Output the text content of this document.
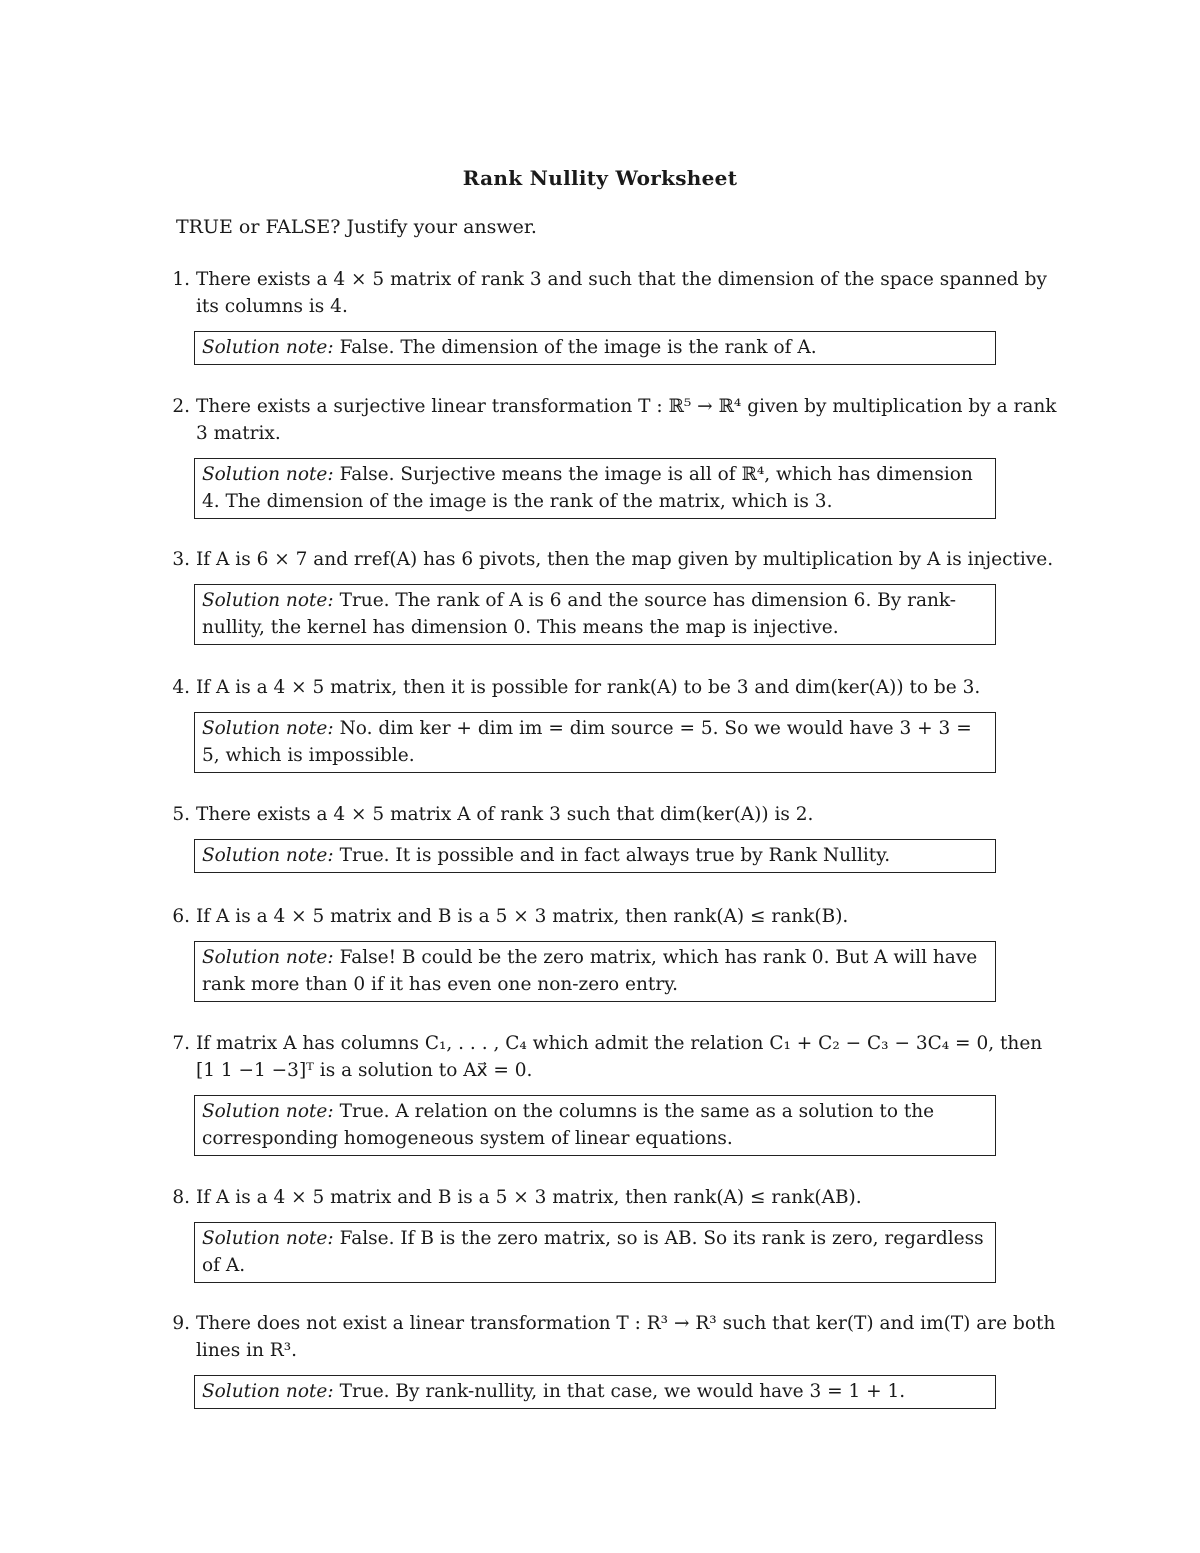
Rank Nullity Worksheet
TRUE or FALSE? Justify your answer.
1. There exists a 4 × 5 matrix of rank 3 and such that the dimension of the space spanned by its columns is 4.
Solution note: False. The dimension of the image is the rank of A.
2. There exists a surjective linear transformation T : ℝ⁵ → ℝ⁴ given by multiplication by a rank 3 matrix.
Solution note: False. Surjective means the image is all of ℝ⁴, which has dimension 4. The dimension of the image is the rank of the matrix, which is 3.
3. If A is 6 × 7 and rref(A) has 6 pivots, then the map given by multiplication by A is injective.
Solution note: True. The rank of A is 6 and the source has dimension 6. By rank-nullity, the kernel has dimension 0. This means the map is injective.
4. If A is a 4 × 5 matrix, then it is possible for rank(A) to be 3 and dim(ker(A)) to be 3.
Solution note: No. dim ker + dim im = dim source = 5. So we would have 3 + 3 = 5, which is impossible.
5. There exists a 4 × 5 matrix A of rank 3 such that dim(ker(A)) is 2.
Solution note: True. It is possible and in fact always true by Rank Nullity.
6. If A is a 4 × 5 matrix and B is a 5 × 3 matrix, then rank(A) ≤ rank(B).
Solution note: False! B could be the zero matrix, which has rank 0. But A will have rank more than 0 if it has even one non-zero entry.
7. If matrix A has columns C₁, . . . , C₄ which admit the relation C₁ + C₂ − C₃ − 3C₄ = 0, then [1 1 −1 −3]ᵀ is a solution to Ax⃗ = 0.
Solution note: True. A relation on the columns is the same as a solution to the corresponding homogeneous system of linear equations.
8. If A is a 4 × 5 matrix and B is a 5 × 3 matrix, then rank(A) ≤ rank(AB).
Solution note: False. If B is the zero matrix, so is AB. So its rank is zero, regardless of A.
9. There does not exist a linear transformation T : R³ → R³ such that ker(T) and im(T) are both lines in R³.
Solution note: True. By rank-nullity, in that case, we would have 3 = 1 + 1.
